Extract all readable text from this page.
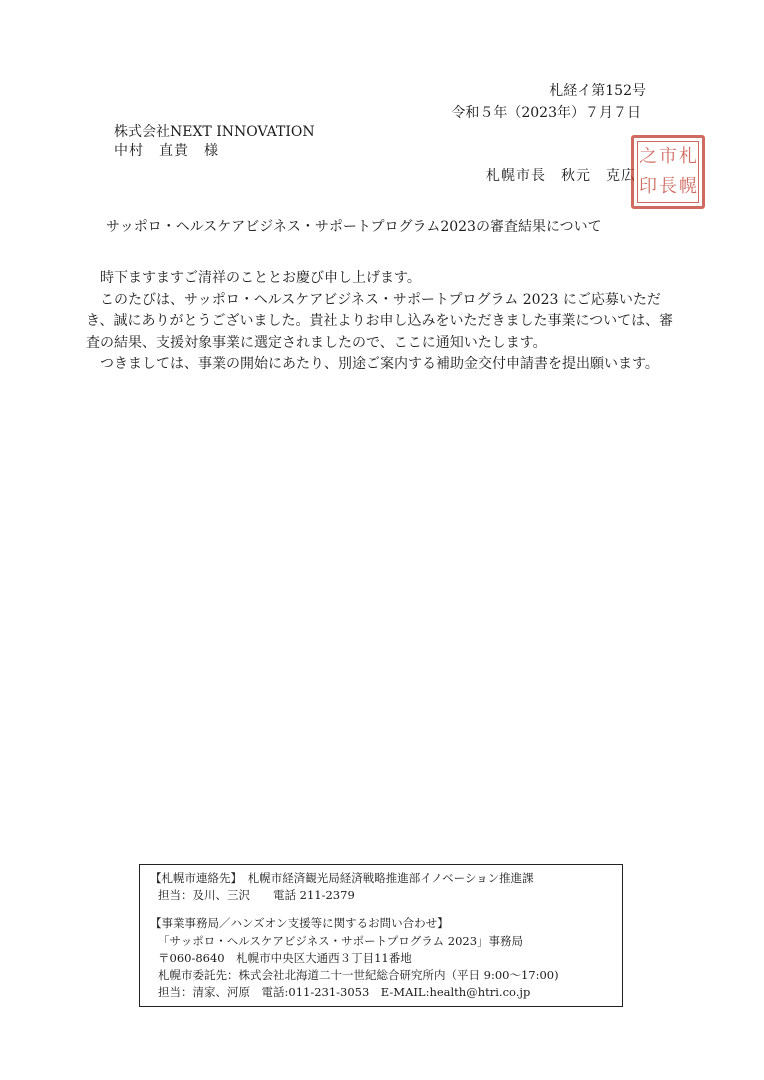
札経イ第152号
令和５年（2023年）７月７日
株式会社NEXT INNOVATION
中村　直貴　様
札幌市長　秋元　克広
之 市 札
印 長 幌
サッポロ・ヘルスケアビジネス・サポートプログラム2023の審査結果について

時下ますますご清祥のこととお慶び申し上げます。

このたびは、サッポロ・ヘルスケアビジネス・サポートプログラム 2023 にご応募いただき、誠にありがとうございました。貴社よりお申し込みをいただきました事業については、審査の結果、支援対象事業に選定されましたので、ここに通知いたします。

つきましては、事業の開始にあたり、別途ご案内する補助金交付申請書を提出願います。

【札幌市連絡先】　札幌市経済観光局経済戦略推進部イノベーション推進課
担当：及川、三沢　　電話 211-2379
【事業事務局／ハンズオン支援等に関するお問い合わせ】
「サッポロ・ヘルスケアビジネス・サポートプログラム 2023」事務局
〒060-8640　札幌市中央区大通西３丁目11番地
札幌市委託先：株式会社北海道二十一世紀総合研究所内（平日 9:00～17:00)
担当：清家、河原　電話:011-231-3053　E-MAIL:health@htri.co.jp
